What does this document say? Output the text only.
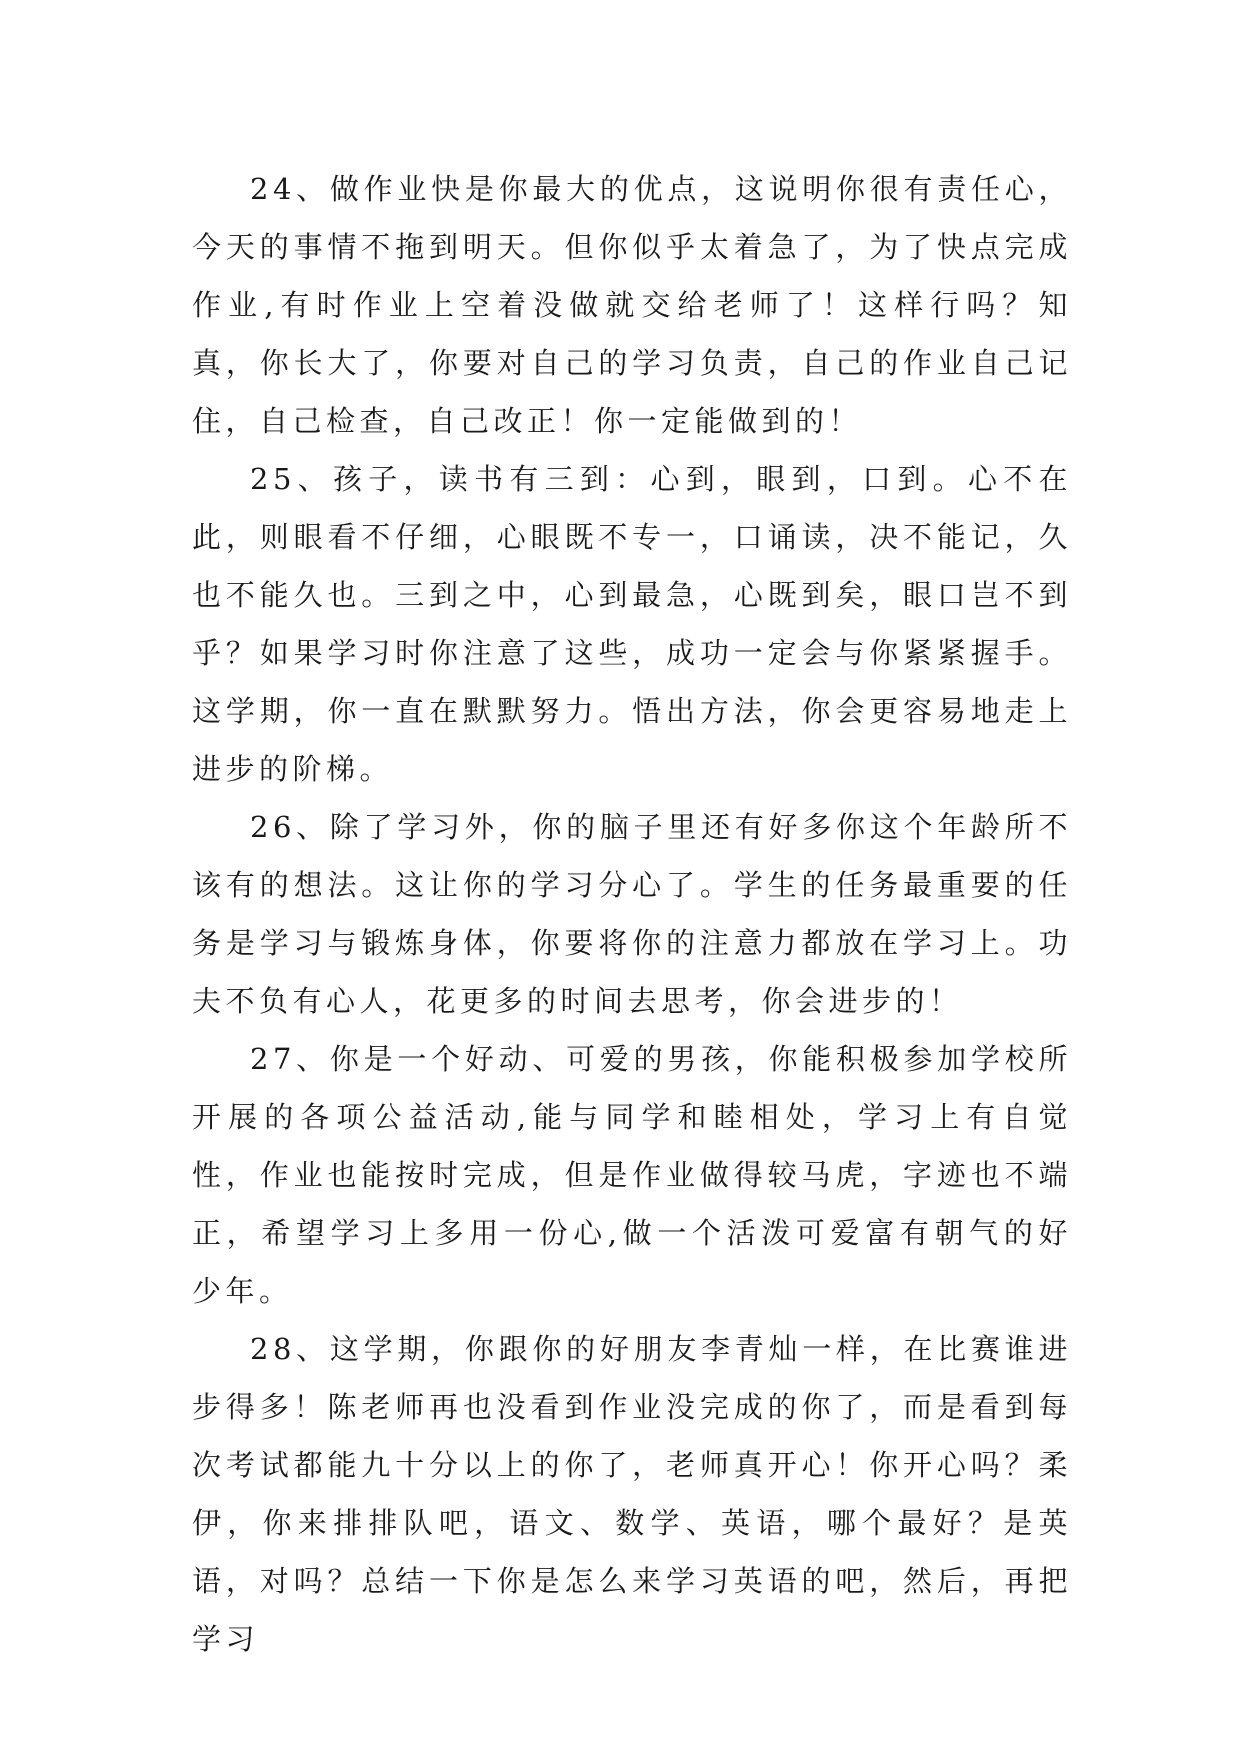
24、做作业快是你最大的优点，这说明你很有责任心，今天的事情不拖到明天。但你似乎太着急了，为了快点完成作业,有时作业上空着没做就交给老师了！这样行吗？知真，你长大了，你要对自己的学习负责，自己的作业自己记住，自己检查，自己改正！你一定能做到的！

25、孩子，读书有三到：心到，眼到，口到。心不在此，则眼看不仔细，心眼既不专一，口诵读，决不能记，久也不能久也。三到之中，心到最急，心既到矣，眼口岂不到乎？如果学习时你注意了这些，成功一定会与你紧紧握手。这学期，你一直在默默努力。悟出方法，你会更容易地走上进步的阶梯。

26、除了学习外，你的脑子里还有好多你这个年龄所不该有的想法。这让你的学习分心了。学生的任务最重要的任务是学习与锻炼身体，你要将你的注意力都放在学习上。功夫不负有心人，花更多的时间去思考，你会进步的！

27、你是一个好动、可爱的男孩，你能积极参加学校所开展的各项公益活动,能与同学和睦相处，学习上有自觉性，作业也能按时完成，但是作业做得较马虎，字迹也不端正，希望学习上多用一份心,做一个活泼可爱富有朝气的好少年。

28、这学期，你跟你的好朋友李青灿一样，在比赛谁进步得多！陈老师再也没看到作业没完成的你了，而是看到每次考试都能九十分以上的你了，老师真开心！你开心吗？柔伊，你来排排队吧，语文、数学、英语，哪个最好？是英语，对吗？总结一下你是怎么来学习英语的吧，然后，再把学习
